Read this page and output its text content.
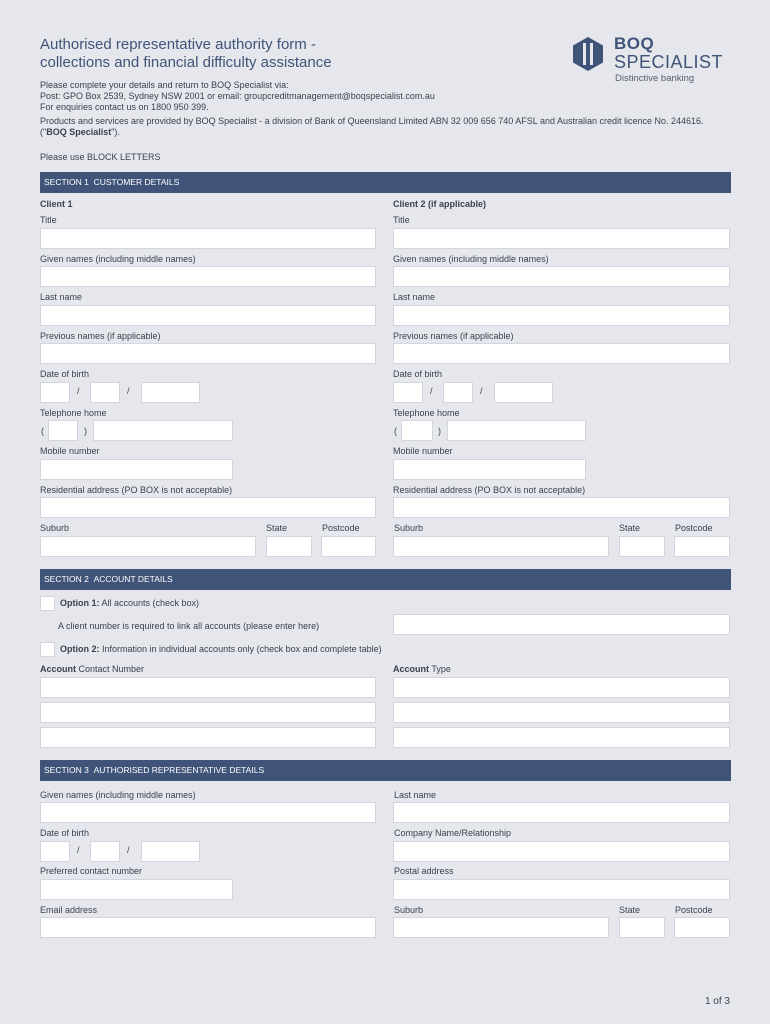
Authorised representative authority form -
collections and financial difficulty assistance
BOQ
SPECIALIST
Distinctive banking
Please complete your details and return to BOQ Specialist via:
Post: GPO Box 2539, Sydney NSW 2001 or email: groupcreditmanagement@boqspecialist.com.au
For enquiries contact us on 1800 950 399.
Products and services are provided by BOQ Specialist - a division of Bank of Queensland Limited ABN 32 009 656 740 AFSL and Australian credit licence No. 244616. ("BOQ Specialist").
Please use BLOCK LETTERS
SECTION 1 CUSTOMER DETAILS
Client 1	Client 2 (if applicable)
Title	Title
Given names (including middle names)	Given names (including middle names)
Last name	Last name
Previous names (if applicable)	Previous names (if applicable)
Date of birth	Date of birth
/	/	/	/
Telephone home	Telephone home
(	)	(	)
Mobile number	Mobile number
Residential address (PO BOX is not acceptable)	Residential address (PO BOX is not acceptable)
Suburb	State	Postcode	Suburb	State	Postcode
SECTION 2 ACCOUNT DETAILS
Option 1: All accounts (check box)
A client number is required to link all accounts (please enter here)
Option 2: Information in individual accounts only (check box and complete table)
Account Contact Number	Account Type
SECTION 3 AUTHORISED REPRESENTATIVE DETAILS
Given names (including middle names)	Last name
Date of birth	Company Name/Relationship
/	/
Preferred contact number	Postal address
Email address	Suburb	State	Postcode
1 of 3
